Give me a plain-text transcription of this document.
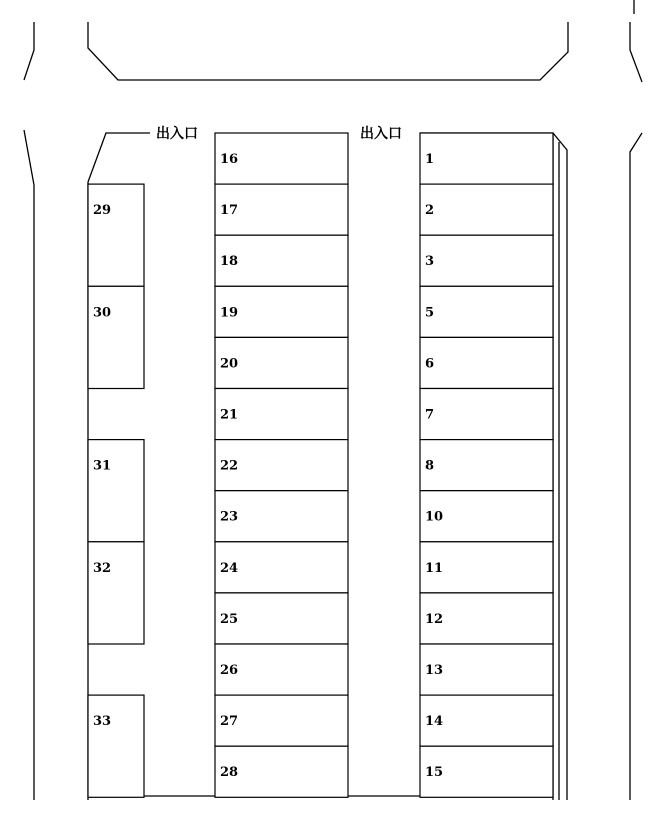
出入口	出入口
29
30
31
32
33
16
17
18
19
20
21
22
23
24
25
26
27
28
1
2
3
5
6
7
8
10
11
12
13
14
15
